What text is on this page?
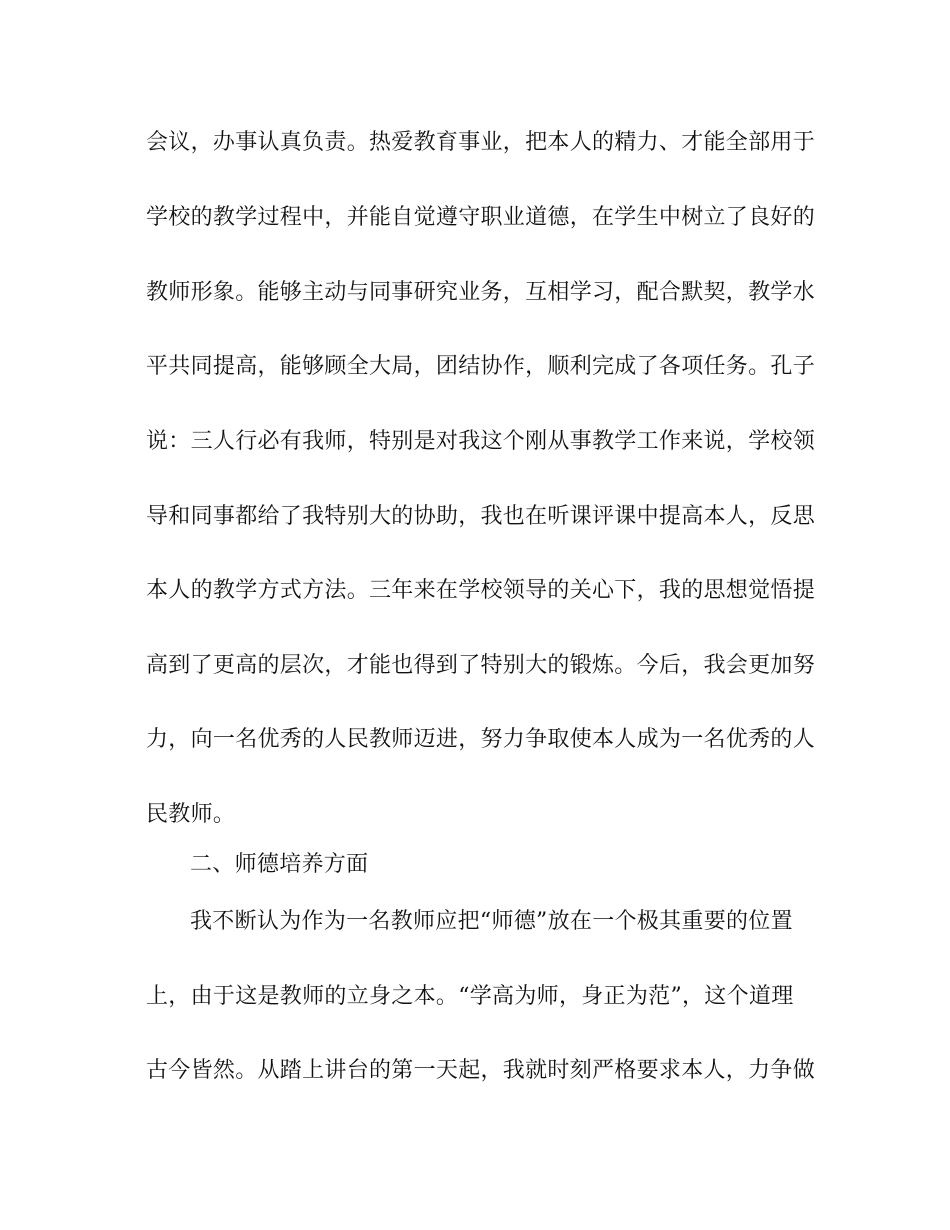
会议，办事认真负责。热爱教育事业，把本人的精力、才能全部用于
学校的教学过程中，并能自觉遵守职业道德，在学生中树立了良好的
教师形象。能够主动与同事研究业务，互相学习，配合默契，教学水
平共同提高，能够顾全大局，团结协作，顺利完成了各项任务。孔子
说：三人行必有我师，特别是对我这个刚从事教学工作来说，学校领
导和同事都给了我特别大的协助，我也在听课评课中提高本人，反思
本人的教学方式方法。三年来在学校领导的关心下，我的思想觉悟提
高到了更高的层次，才能也得到了特别大的锻炼。今后，我会更加努
力，向一名优秀的人民教师迈进，努力争取使本人成为一名优秀的人
民教师。
二、师德培养方面
我不断认为作为一名教师应把“师德”放在一个极其重要的位置
上，由于这是教师的立身之本。“学高为师，身正为范”，这个道理
古今皆然。从踏上讲台的第一天起，我就时刻严格要求本人，力争做
